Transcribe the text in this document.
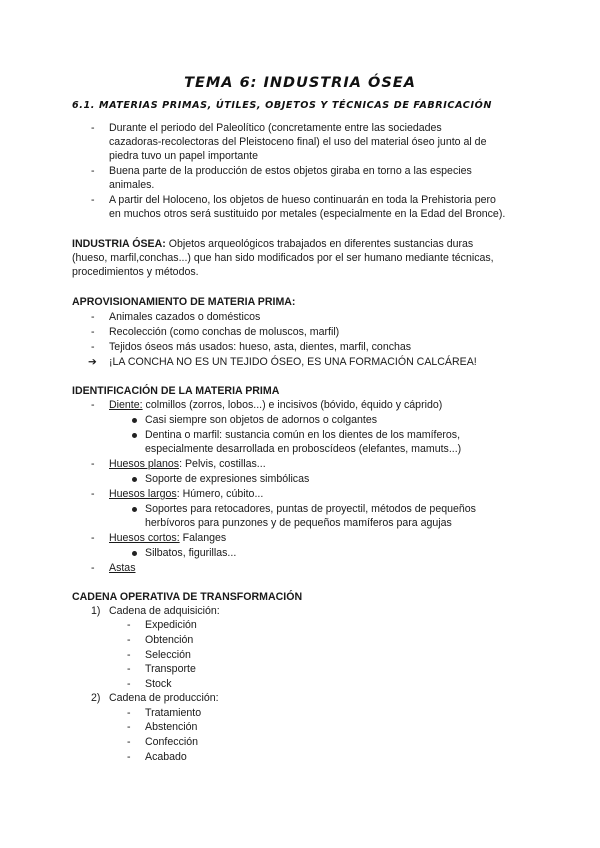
TEMA 6: INDUSTRIA ÓSEA
6.1. MATERIAS PRIMAS, ÚTILES, OBJETOS Y TÉCNICAS DE FABRICACIÓN
- Durante el periodo del Paleolítico (concretamente entre las sociedades
cazadoras-recolectoras del Pleistoceno final) el uso del material óseo junto al de
piedra tuvo un papel importante
- Buena parte de la producción de estos objetos giraba en torno a las especies
animales.
- A partir del Holoceno, los objetos de hueso continuarán en toda la Prehistoria pero
en muchos otros será sustituido por metales (especialmente en la Edad del Bronce).
INDUSTRIA ÓSEA: Objetos arqueológicos trabajados en diferentes sustancias duras
(hueso, marfil,conchas...) que han sido modificados por el ser humano mediante técnicas,
procedimientos y métodos.
APROVISIONAMIENTO DE MATERIA PRIMA:
- Animales cazados o domésticos
- Recolección (como conchas de moluscos, marfil)
- Tejidos óseos más usados: hueso, asta, dientes, marfil, conchas
➔ ¡LA CONCHA NO ES UN TEJIDO ÓSEO, ES UNA FORMACIÓN CALCÁREA!
IDENTIFICACIÓN DE LA MATERIA PRIMA
- Diente: colmillos (zorros, lobos...) e incisivos (bóvido, équido y cáprido)
Casi siempre son objetos de adornos o colgantes
Dentina o marfil: sustancia común en los dientes de los mamíferos,
especialmente desarrollada en proboscídeos (elefantes, mamuts...)
- Huesos planos: Pelvis, costillas...
Soporte de expresiones simbólicas
- Huesos largos: Húmero, cúbito...
Soportes para retocadores, puntas de proyectil, métodos de pequeños
herbívoros para punzones y de pequeños mamíferos para agujas
- Huesos cortos: Falanges
Silbatos, figurillas...
- Astas
CADENA OPERATIVA DE TRANSFORMACIÓN
1) Cadena de adquisición:
- Expedición
- Obtención
- Selección
- Transporte
- Stock
2) Cadena de producción:
- Tratamiento
- Abstención
- Confección
- Acabado
